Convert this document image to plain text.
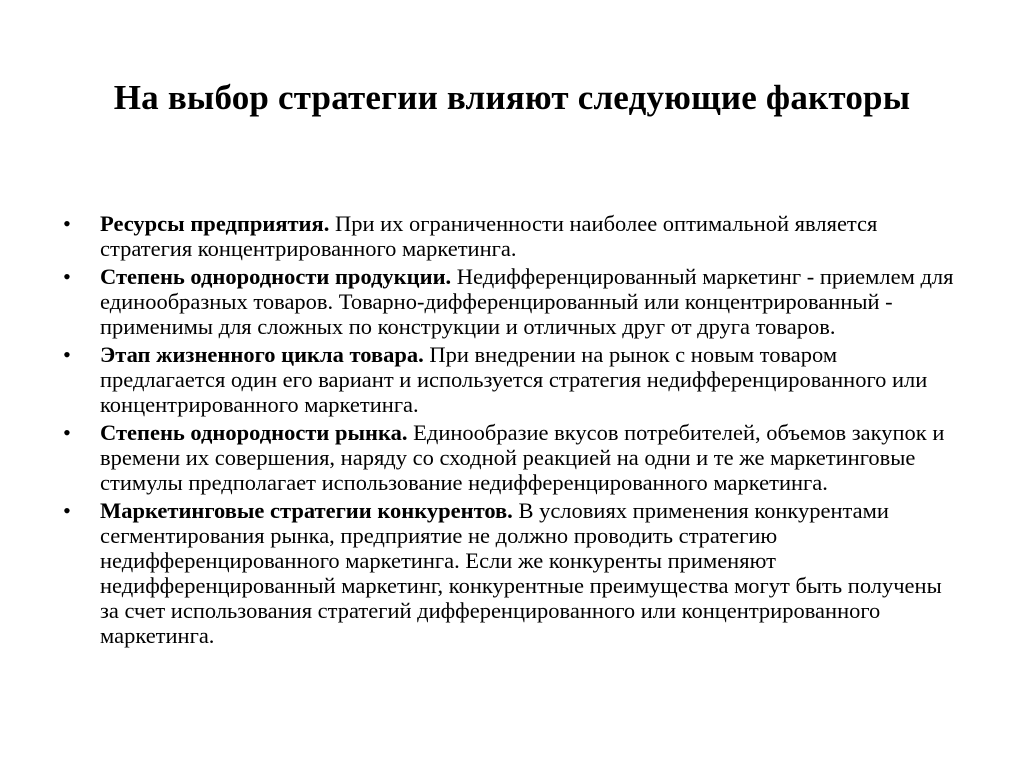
На выбор стратегии влияют следующие факторы
• Ресурсы предприятия. При их ограниченности наиболее оптимальной является стратегия концентрированного маркетинга.
• Степень однородности продукции. Недифференцированный маркетинг - приемлем для единообразных товаров. Товарно-дифференцированный или концентрированный - применимы для сложных по конструкции и отличных друг от друга товаров.
• Этап жизненного цикла товара. При внедрении на рынок с новым товаром предлагается один его вариант и используется стратегия недифференцированного или концентрированного маркетинга.
• Степень однородности рынка. Единообразие вкусов потребителей, объемов закупок и времени их совершения, наряду со сходной реакцией на одни и те же маркетинговые стимулы предполагает использование недифференцированного маркетинга.
• Маркетинговые стратегии конкурентов. В условиях применения конкурентами сегментирования рынка, предприятие не должно проводить стратегию недифференцированного маркетинга. Если же конкуренты применяют недифференцированный маркетинг, конкурентные преимущества могут быть получены за счет использования стратегий дифференцированного или концентрированного маркетинга.
